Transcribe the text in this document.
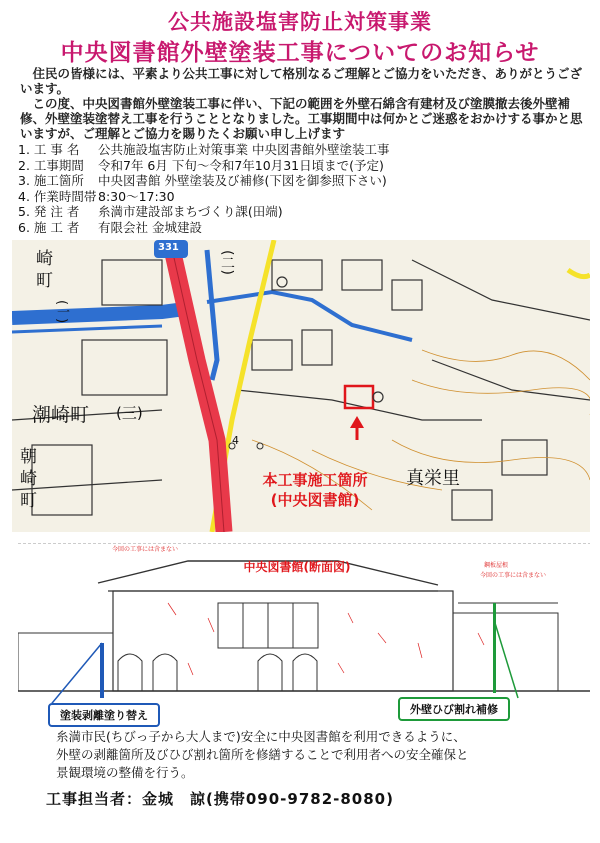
公共施設塩害防止対策事業
中央図書館外壁塗装工事についてのお知らせ

住民の皆様には、平素より公共工事に対して格別なるご理解とご協力をいただき、ありがとうございます。

この度、中央図書館外壁塗装工事に伴い、下記の範囲を外壁石綿含有建材及び塗膜撤去後外壁補修、外壁塗装塗替え工事を行うこととなりました。工事期間中は何かとご迷惑をおかけする事かと思いますが、ご理解とご協力を賜りたくお願い申し上げます

1. 工 事 名	公共施設塩害防止対策事業 中央図書館外壁塗装工事
2. 工事期間	令和7年 6月 下旬～令和7年10月31日頃まで(予定)
3. 施工箇所	中央図書館 外壁塗装及び補修(下図を御参照下さい)
4. 作業時間帯 8:30～17:30
5. 発 注 者	糸満市建設部まちづくり課(田端)
6. 施 工 者	有限会社 金城建設
331
崎
町
(二)
(一)
潮崎町 (三)
朝
崎
町
真栄里
4
本工事施工箇所
(中央図書館)
中央図書館(断面図)
今回の工事には含まない
今回の工事には含まない
鋼板屋根
塗装剥離塗り替え	外壁ひび割れ補修

糸満市民(ちびっ子から大人まで)安全に中央図書館を利用できるように、

外壁の剥離箇所及びひび割れ箇所を修繕することで利用者への安全確保と

景観環境の整備を行う。

工事担当者：金城　諒(携帯090-9782-8080)
